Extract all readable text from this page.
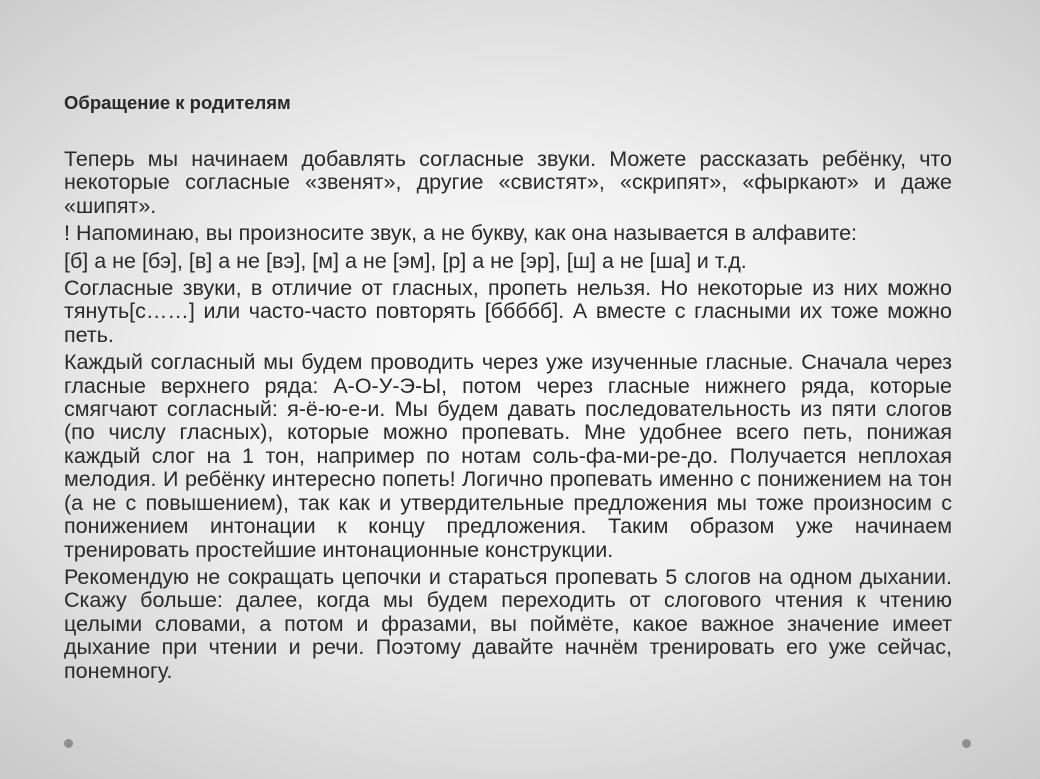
Обращение к родителям

Теперь мы начинаем добавлять согласные звуки. Можете рассказать ребёнку, что некоторые согласные «звенят», другие «свистят», «скрипят», «фыркают» и даже «шипят».

! Напоминаю, вы произносите звук, а не букву, как она называется в алфавите:

[б] а не [бэ], [в] а не [вэ], [м] а не [эм], [р] а не [эр], [ш] а не [ша] и т.д.

Согласные звуки, в отличие от гласных, пропеть нельзя. Но некоторые из них можно тянуть[с……] или часто-часто повторять [ббббб]. А вместе с гласными их тоже можно петь.

Каждый согласный мы будем проводить через уже изученные гласные. Сначала через гласные верхнего ряда: А-О-У-Э-Ы, потом через гласные нижнего ряда, которые смягчают согласный: я-ё-ю-е-и. Мы будем давать последовательность из пяти слогов (по числу гласных), которые можно пропевать. Мне удобнее всего петь, понижая каждый слог на 1 тон, например по нотам соль-фа-ми-ре-до. Получается неплохая мелодия. И ребёнку интересно попеть! Логично пропевать именно с понижением на тон (а не с повышением), так как и утвердительные предложения мы тоже произносим с понижением интонации к концу предложения. Таким образом уже начинаем тренировать простейшие интонационные конструкции.

Рекомендую не сокращать цепочки и стараться пропевать 5 слогов на одном дыхании. Скажу больше: далее, когда мы будем переходить от слогового чтения к чтению целыми словами, а потом и фразами, вы поймёте, какое важное значение имеет дыхание при чтении и речи. Поэтому давайте начнём тренировать его уже сейчас, понемногу.
